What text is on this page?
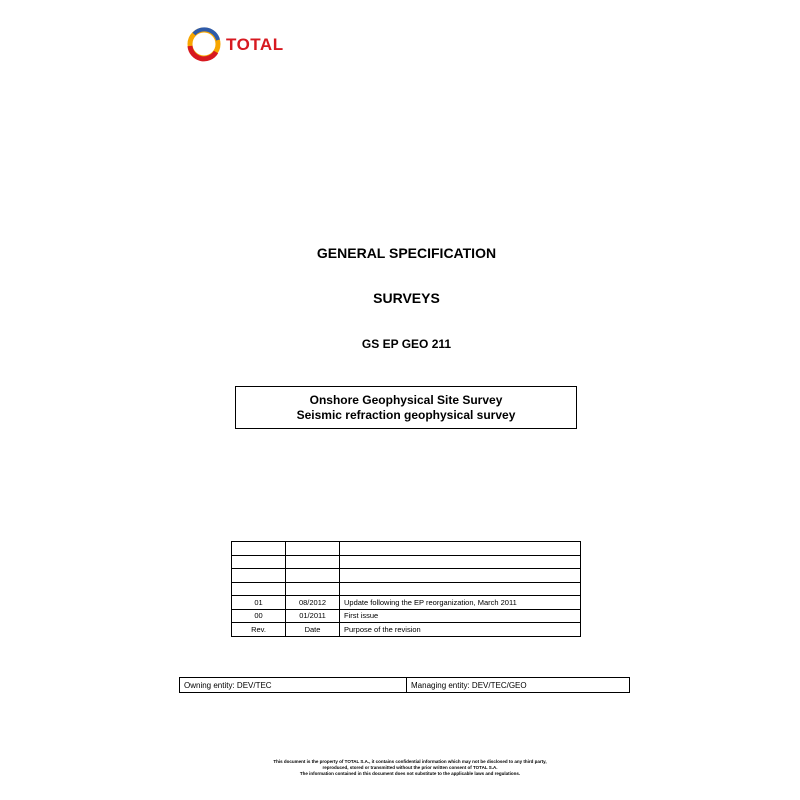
TOTAL
GENERAL SPECIFICATION
SURVEYS
GS EP GEO 211
Onshore Geophysical Site Survey
Seismic refraction geophysical survey

01	08/2012	Update following the EP reorganization, March 2011
00	01/2011	First issue
Rev.	Date	Purpose of the revision
Owning entity: DEV/TEC	Managing entity: DEV/TEC/GEO
This document is the property of TOTAL S.A., it contains confidential information which may not be disclosed to any third party,
reproduced, stored or transmitted without the prior written consent of TOTAL S.A.
The information contained in this document does not substitute to the applicable laws and regulations.
